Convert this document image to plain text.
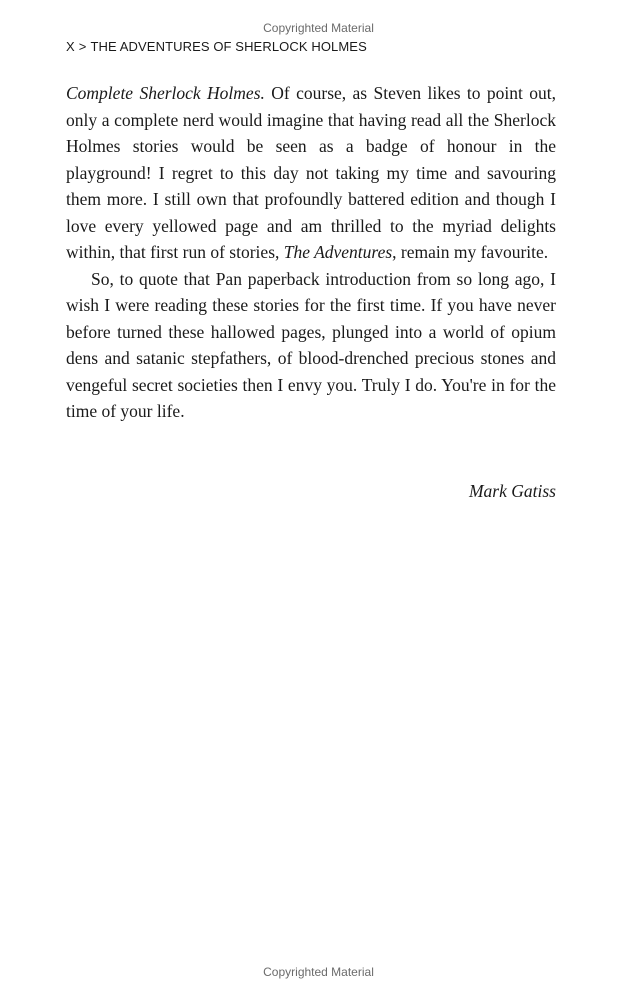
Copyrighted Material
X > THE ADVENTURES OF SHERLOCK HOLMES

Complete Sherlock Holmes. Of course, as Steven likes to point out, only a complete nerd would imagine that having read all the Sherlock Holmes stories would be seen as a badge of honour in the playground! I regret to this day not taking my time and savouring them more. I still own that profoundly battered edition and though I love every yellowed page and am thrilled to the myriad delights within, that first run of stories, The Adventures, remain my favourite.

So, to quote that Pan paperback introduction from so long ago, I wish I were reading these stories for the first time. If you have never before turned these hallowed pages, plunged into a world of opium dens and satanic stepfathers, of blood-drenched precious stones and vengeful secret societies then I envy you. Truly I do. You're in for the time of your life.

Mark Gatiss
Copyrighted Material
